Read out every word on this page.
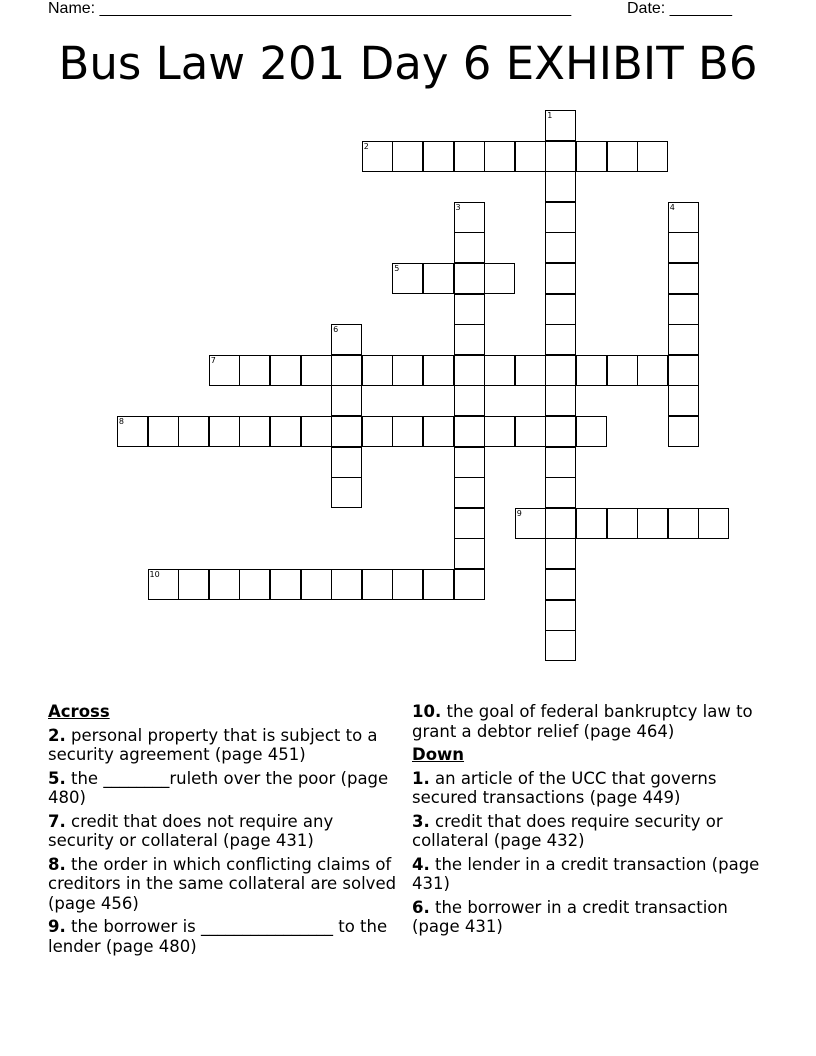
Name: _____________________________________________________	Date: _______
Bus Law 201 Day 6 EXHIBIT B6
1
2
3	4
5
6
7
8
9
10
Across
2. personal property that is subject to a security agreement (page 451)
5. the ________ruleth over the poor (page 480)
7. credit that does not require any security or collateral (page 431)
8. the order in which conflicting claims of creditors in the same collateral are solved (page 456)
9. the borrower is ________________ to the lender (page 480)
10. the goal of federal bankruptcy law to grant a debtor relief (page 464)
Down
1. an article of the UCC that governs secured transactions (page 449)
3. credit that does require security or collateral (page 432)
4. the lender in a credit transaction (page 431)
6. the borrower in a credit transaction (page 431)
